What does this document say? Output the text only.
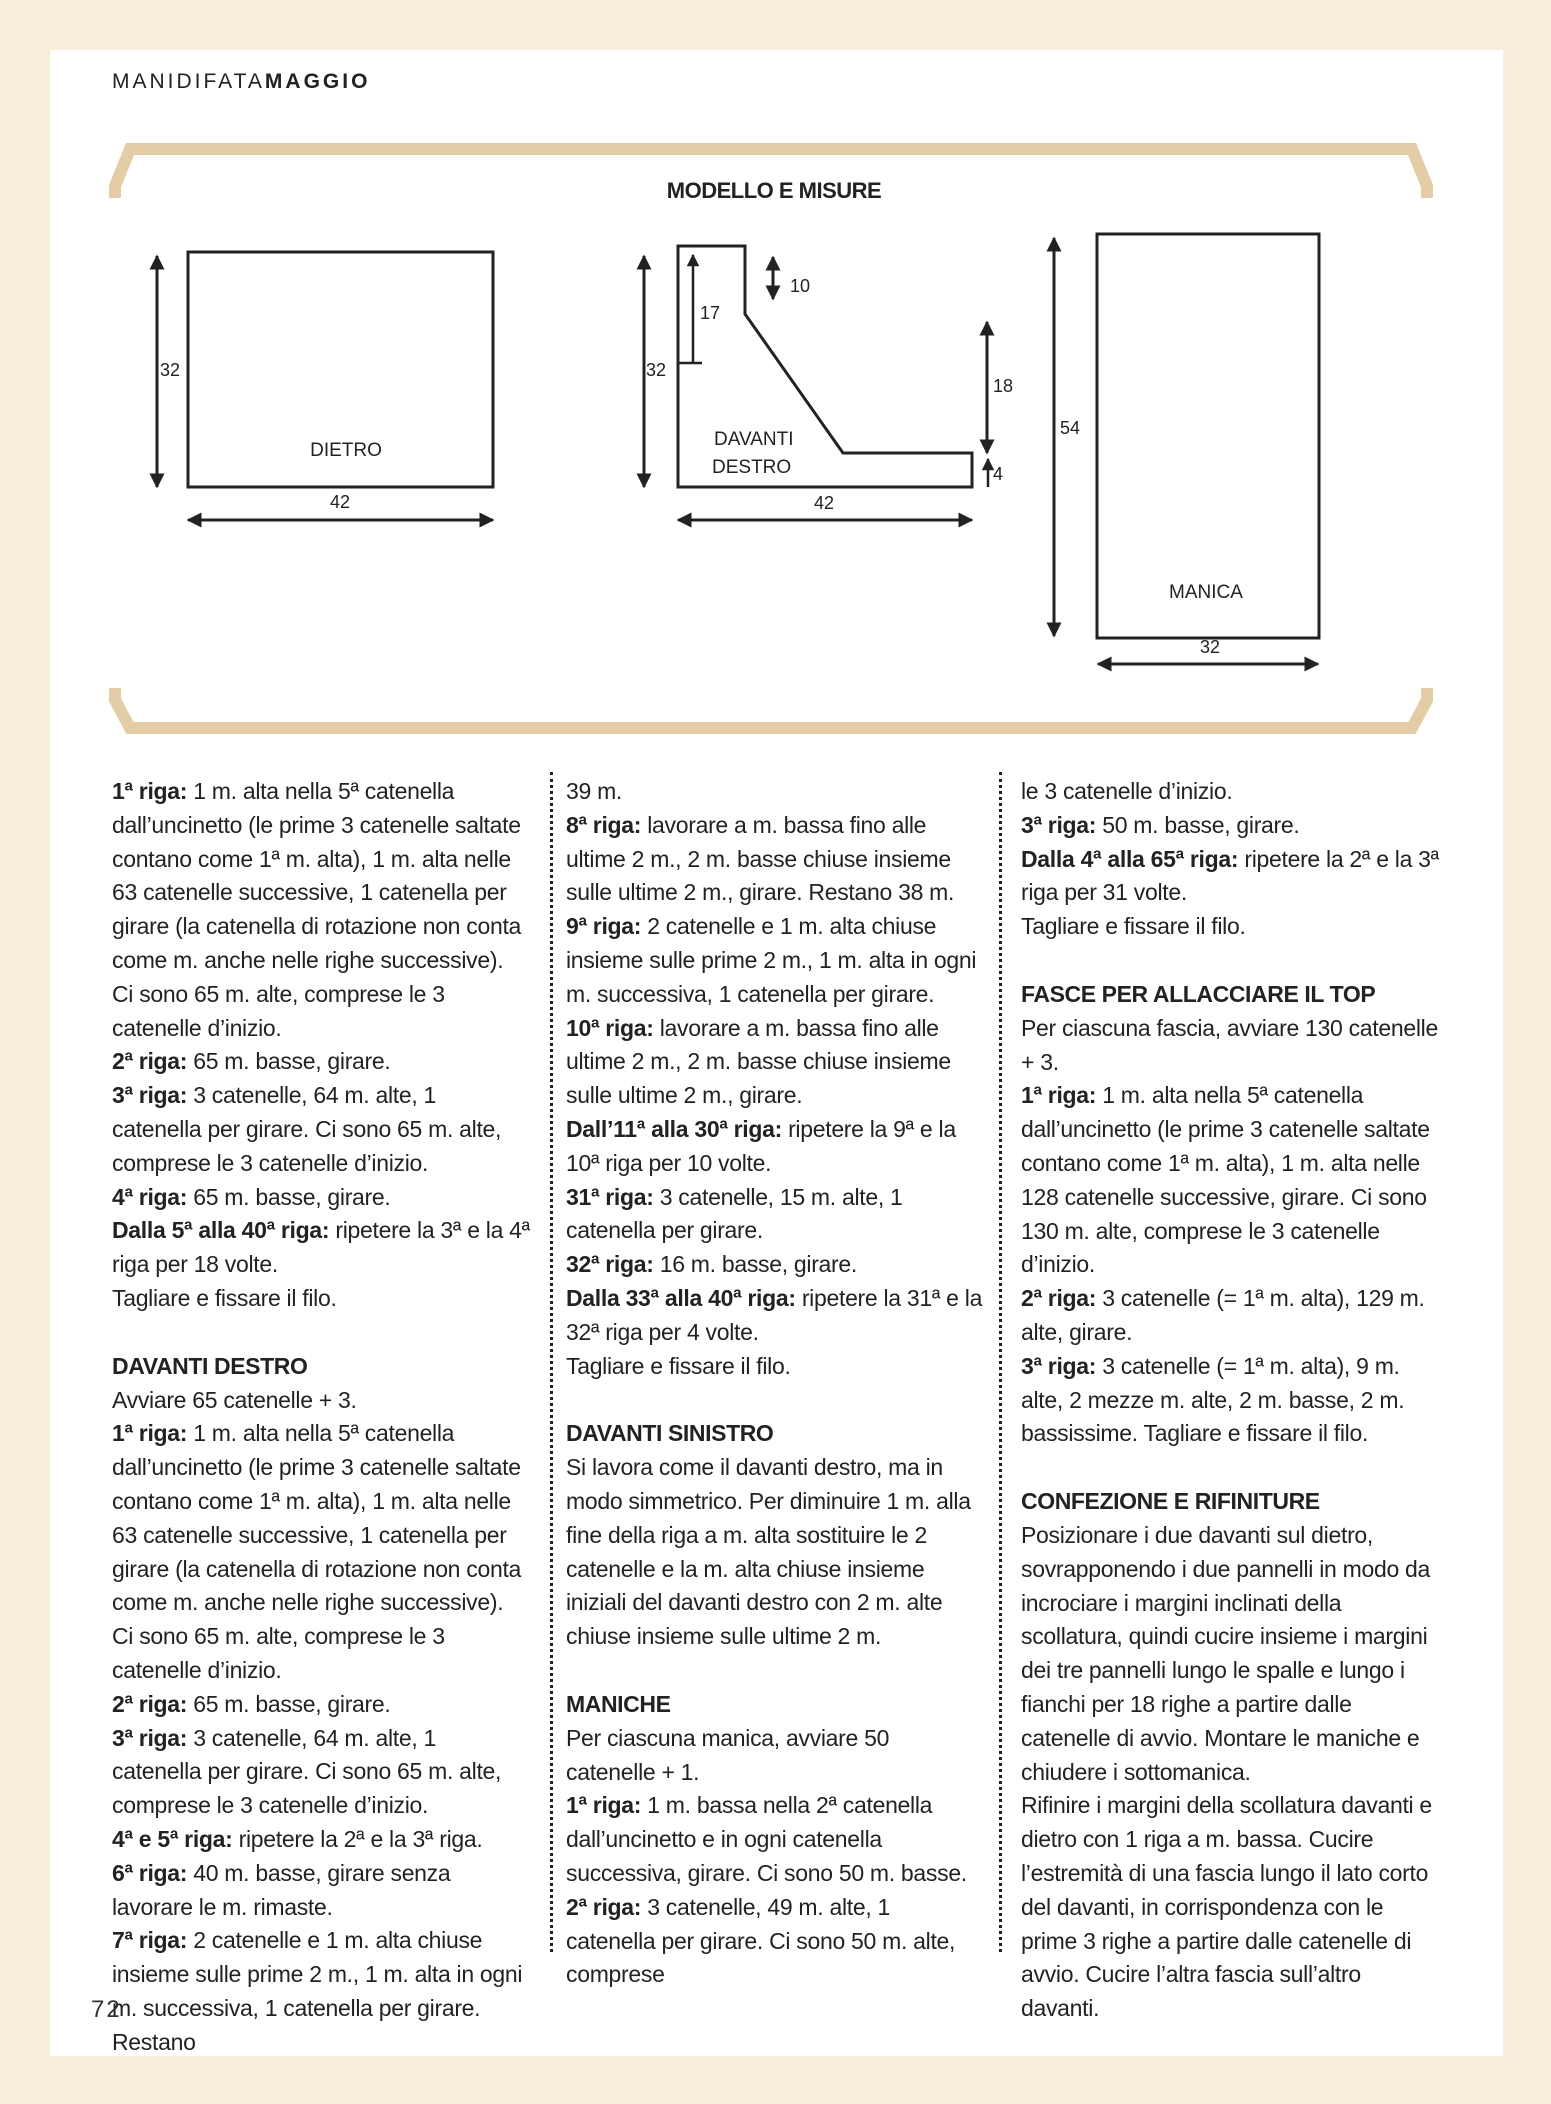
MANIDIFATAMAGGIO
MODELLO E MISURE
32
42
DIETRO
32
17
10
18
4
42
DAVANTI
DESTRO
54
32
MANICA

1ª riga: 1 m. alta nella 5ª catenella dall’uncinetto (le prime 3 catenelle saltate contano come 1ª m. alta), 1 m. alta nelle 63 catenelle successive, 1 catenella per girare (la catenella di rotazione non conta come m. anche nelle righe successive). Ci sono 65 m. alte, comprese le 3 catenelle d’inizio.

2ª riga: 65 m. basse, girare.

3ª riga: 3 catenelle, 64 m. alte, 1 catenella per girare. Ci sono 65 m. alte, comprese le 3 catenelle d’inizio.

4ª riga: 65 m. basse, girare.

Dalla 5ª alla 40ª riga: ripetere la 3ª e la 4ª riga per 18 volte.

Tagliare e fissare il filo.

DAVANTI DESTRO

Avviare 65 catenelle + 3.

1ª riga: 1 m. alta nella 5ª catenella dall’uncinetto (le prime 3 catenelle saltate contano come 1ª m. alta), 1 m. alta nelle 63 catenelle successive, 1 catenella per girare (la catenella di rotazione non conta come m. anche nelle righe successive). Ci sono 65 m. alte, comprese le 3 catenelle d’inizio.

2ª riga: 65 m. basse, girare.

3ª riga: 3 catenelle, 64 m. alte, 1 catenella per girare. Ci sono 65 m. alte, comprese le 3 catenelle d’inizio.

4ª e 5ª riga: ripetere la 2ª e la 3ª riga.

6ª riga: 40 m. basse, girare senza lavorare le m. rimaste.

7ª riga: 2 catenelle e 1 m. alta chiuse insieme sulle prime 2 m., 1 m. alta in ogni m. successiva, 1 catenella per girare. Restano

39 m.

8ª riga: lavorare a m. bassa fino alle ultime 2 m., 2 m. basse chiuse insieme sulle ultime 2 m., girare. Restano 38 m.

9ª riga: 2 catenelle e 1 m. alta chiuse insieme sulle prime 2 m., 1 m. alta in ogni m. successiva, 1 catenella per girare.

10ª riga: lavorare a m. bassa fino alle ultime 2 m., 2 m. basse chiuse insieme sulle ultime 2 m., girare.

Dall’11ª alla 30ª riga: ripetere la 9ª e la 10ª riga per 10 volte.

31ª riga: 3 catenelle, 15 m. alte, 1 catenella per girare.

32ª riga: 16 m. basse, girare.

Dalla 33ª alla 40ª riga: ripetere la 31ª e la 32ª riga per 4 volte.

Tagliare e fissare il filo.

DAVANTI SINISTRO

Si lavora come il davanti destro, ma in modo simmetrico. Per diminuire 1 m. alla fine della riga a m. alta sostituire le 2 catenelle e la m. alta chiuse insieme iniziali del davanti destro con 2 m. alte chiuse insieme sulle ultime 2 m.

MANICHE

Per ciascuna manica, avviare 50 catenelle + 1.

1ª riga: 1 m. bassa nella 2ª catenella dall’uncinetto e in ogni catenella successiva, girare. Ci sono 50 m. basse.

2ª riga: 3 catenelle, 49 m. alte, 1 catenella per girare. Ci sono 50 m. alte, comprese

le 3 catenelle d’inizio.

3ª riga: 50 m. basse, girare.

Dalla 4ª alla 65ª riga: ripetere la 2ª e la 3ª riga per 31 volte.

Tagliare e fissare il filo.

FASCE PER ALLACCIARE IL TOP

Per ciascuna fascia, avviare 130 catenelle + 3.

1ª riga: 1 m. alta nella 5ª catenella dall’uncinetto (le prime 3 catenelle saltate contano come 1ª m. alta), 1 m. alta nelle 128 catenelle successive, girare. Ci sono 130 m. alte, comprese le 3 catenelle d’inizio.

2ª riga: 3 catenelle (= 1ª m. alta), 129 m. alte, girare.

3ª riga: 3 catenelle (= 1ª m. alta), 9 m. alte, 2 mezze m. alte, 2 m. basse, 2 m. bassissime. Tagliare e fissare il filo.

CONFEZIONE E RIFINITURE

Posizionare i due davanti sul dietro, sovrapponendo i due pannelli in modo da incrociare i margini inclinati della scollatura, quindi cucire insieme i margini dei tre pannelli lungo le spalle e lungo i fianchi per 18 righe a partire dalle catenelle di avvio. Montare le maniche e chiudere i sottomanica.

Rifinire i margini della scollatura davanti e dietro con 1 riga a m. bassa. Cucire l’estremità di una fascia lungo il lato corto del davanti, in corrispondenza con le prime 3 righe a partire dalle catenelle di avvio. Cucire l’altra fascia sull’altro davanti.

72
